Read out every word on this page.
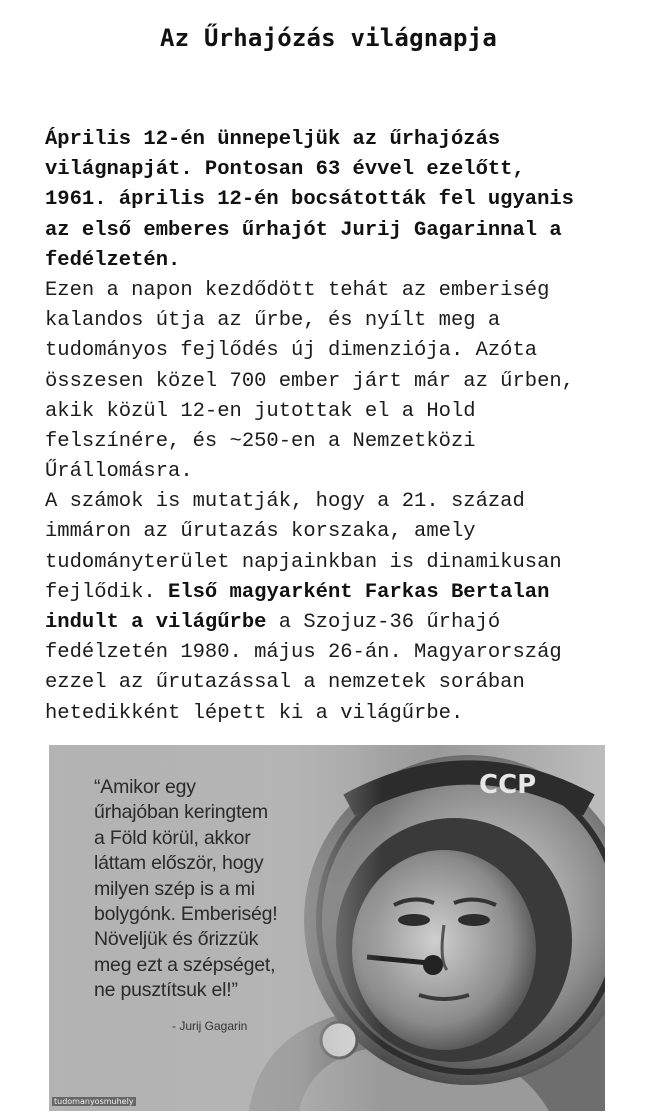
Az Űrhajózás világnapja
Április 12-én ünnepeljük az űrhajózás
világnapját. Pontosan 63 évvel ezelőtt,
1961. április 12-én bocsátották fel ugyanis
az első emberes űrhajót Jurij Gagarinnal a
fedélzetén.
Ezen a napon kezdődött tehát az emberiség
kalandos útja az űrbe, és nyílt meg a
tudományos fejlődés új dimenziója. Azóta
összesen közel 700 ember járt már az űrben,
akik közül 12-en jutottak el a Hold
felszínére, és ~250-en a Nemzetközi
Űrállomásra.
A számok is mutatják, hogy a 21. század
immáron az űrutazás korszaka, amely
tudományterület napjainkban is dinamikusan
fejlődik. Első magyarként Farkas Bertalan
indult a világűrbe a Szojuz-36 űrhajó
fedélzetén 1980. május 26-án. Magyarország
ezzel az űrutazással a nemzetek sorában
hetedikként lépett ki a világűrbe.
“Amikor egy
űrhajóban keringtem
a Föld körül, akkor
láttam először, hogy
milyen szép is a mi
bolygónk. Emberiség!
Növeljük és őrizzük
meg ezt a szépséget,
ne pusztítsuk el!”
- Jurij Gagarin
tudomanyosmuhely
